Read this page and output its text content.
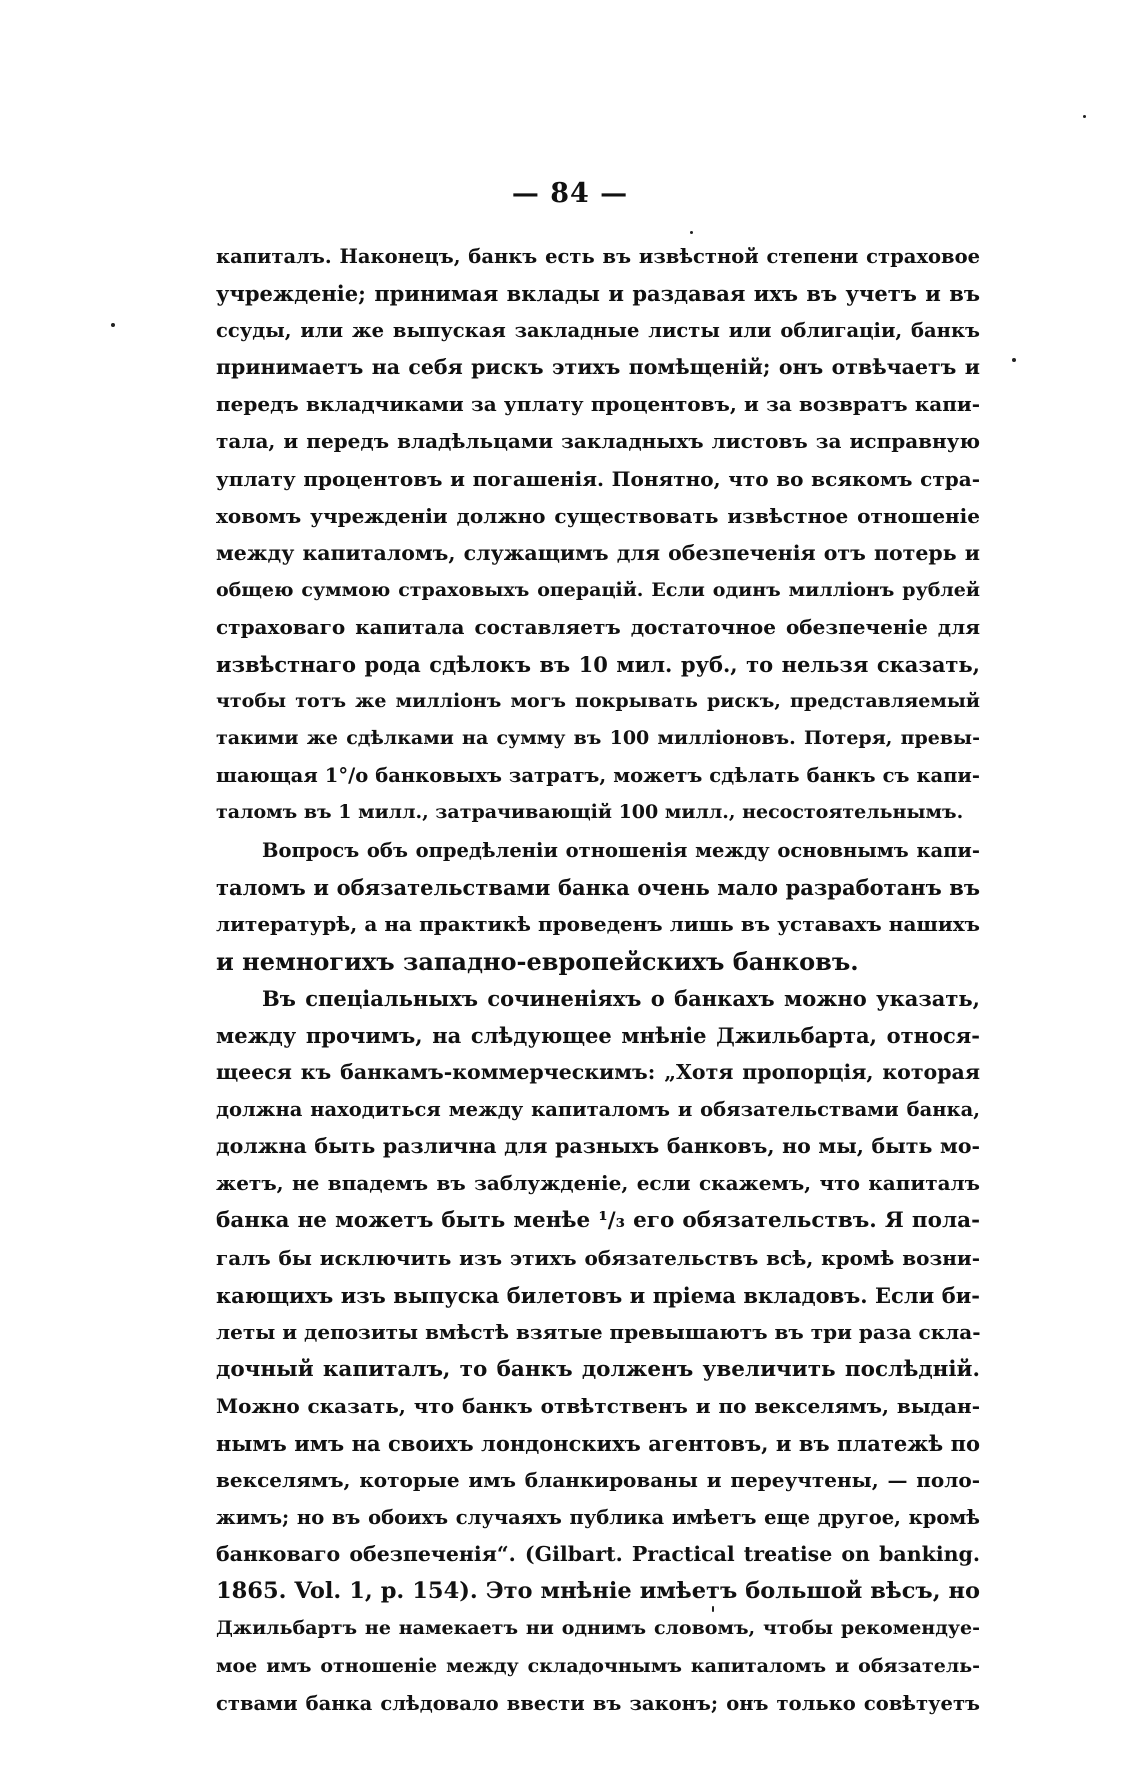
— 84 —
капиталъ. Наконецъ, банкъ есть въ извѣстной степени страховое
учрежденіе; принимая вклады и раздавая ихъ въ учетъ и въ
ссуды, или же выпуская закладные листы или облигаціи, банкъ
принимаетъ на себя рискъ этихъ помѣщеній; онъ отвѣчаетъ и
передъ вкладчиками за уплату процентовъ, и за возвратъ капи-
тала, и передъ владѣльцами закладныхъ листовъ за исправную
уплату процентовъ и погашенія. Понятно, что во всякомъ стра-
ховомъ учрежденіи должно существовать извѣстное отношеніе
между капиталомъ, служащимъ для обезпеченія отъ потерь и
общею суммою страховыхъ операцій. Если одинъ милліонъ рублей
страховаго капитала составляетъ достаточное обезпеченіе для
извѣстнаго рода сдѣлокъ въ 10 мил. руб., то нельзя сказать,
чтобы тотъ же милліонъ могъ покрывать рискъ, представляемый
такими же сдѣлками на сумму въ 100 милліоновъ. Потеря, превы-
шающая 1°/о банковыхъ затратъ, можетъ сдѣлать банкъ съ капи-
таломъ въ 1 милл., затрачивающій 100 милл., несостоятельнымъ.
Вопросъ объ опредѣленіи отношенія между основнымъ капи-
таломъ и обязательствами банка очень мало разработанъ въ
литературѣ, а на практикѣ проведенъ лишь въ уставахъ нашихъ
и немногихъ западно-европейскихъ банковъ.
Въ спеціальныхъ сочиненіяхъ о банкахъ можно указать,
между прочимъ, на слѣдующее мнѣніе Джильбарта, относя-
щееся къ банкамъ-коммерческимъ: „Хотя пропорція, которая
должна находиться между капиталомъ и обязательствами банка,
должна быть различна для разныхъ банковъ, но мы, быть мо-
жетъ, не впадемъ въ заблужденіе, если скажемъ, что капиталъ
банка не можетъ быть менѣе ¹/₃ его обязательствъ. Я пола-
галъ бы исключить изъ этихъ обязательствъ всѣ, кромѣ возни-
кающихъ изъ выпуска билетовъ и пріема вкладовъ. Если би-
леты и депозиты вмѣстѣ взятые превышаютъ въ три раза скла-
дочный капиталъ, то банкъ долженъ увеличить послѣдній.
Можно сказать, что банкъ отвѣтственъ и по векселямъ, выдан-
нымъ имъ на своихъ лондонскихъ агентовъ, и въ платежѣ по
векселямъ, которые имъ бланкированы и переучтены, — поло-
жимъ; но въ обоихъ случаяхъ публика имѣетъ еще другое, кромѣ
банковаго обезпеченія“. (Gilbart. Practical treatise on banking.
1865. Vol. 1, p. 154). Это мнѣніе имѣетъ большой вѣсъ, но
Джильбартъ не намекаетъ ни однимъ словомъ, чтобы рекомендуе-
мое имъ отношеніе между складочнымъ капиталомъ и обязатель-
ствами банка слѣдовало ввести въ законъ; онъ только совѣтуетъ
